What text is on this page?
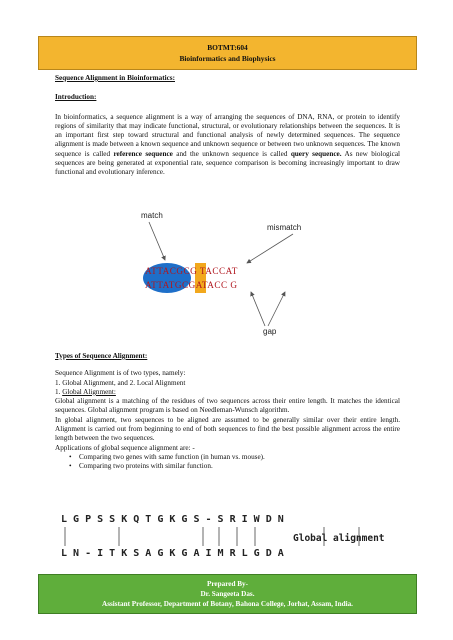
BOTMT:604
Bioinformatics and Biophysics
Sequence Alignment in Bioinformatics:
Introduction:
In bioinformatics, a sequence alignment is a way of arranging the sequences of DNA, RNA, or protein to identify regions of similarity that may indicate functional, structural, or evolutionary relationships between the sequences. It is an important first step toward structural and functional analysis of newly determined sequences. The sequence alignment is made between a known sequence and unknown sequence or between two unknown sequences. The known sequence is called reference sequence and the unknown sequence is called query sequence. As new biological sequences are being generated at exponential rate, sequence comparison is becoming increasingly important to draw functional and evolutionary inference.
match
mismatch
gap
ATTACGCG TACCAT
ATTATGCGATACC G
Types of Sequence Alignment:
Sequence Alignment is of two types, namely:
1. Global Alignment, and 2. Local Alignment
1. Global Alignment:
Global alignment is a matching of the residues of two sequences across their entire length. It matches the identical sequences. Global alignment program is based on Needleman-Wunsch algorithm.
In global alignment, two sequences to be aligned are assumed to be generally similar over their entire length. Alignment is carried out from beginning to end of both sequences to find the best possible alignment across the entire length between the two sequences.
Applications of global sequence alignment are: -
• Comparing two genes with same function (in human vs. mouse).
• Comparing two proteins with similar function.
L G P S S K Q T G K G S - S R I W D N
L N - I T K S A G K G A I M R L G D A
Global alignment
Prepared By-
Dr. Sangeeta Das.
Assistant Professor, Department of Botany, Bahona College, Jorhat, Assam, India.
